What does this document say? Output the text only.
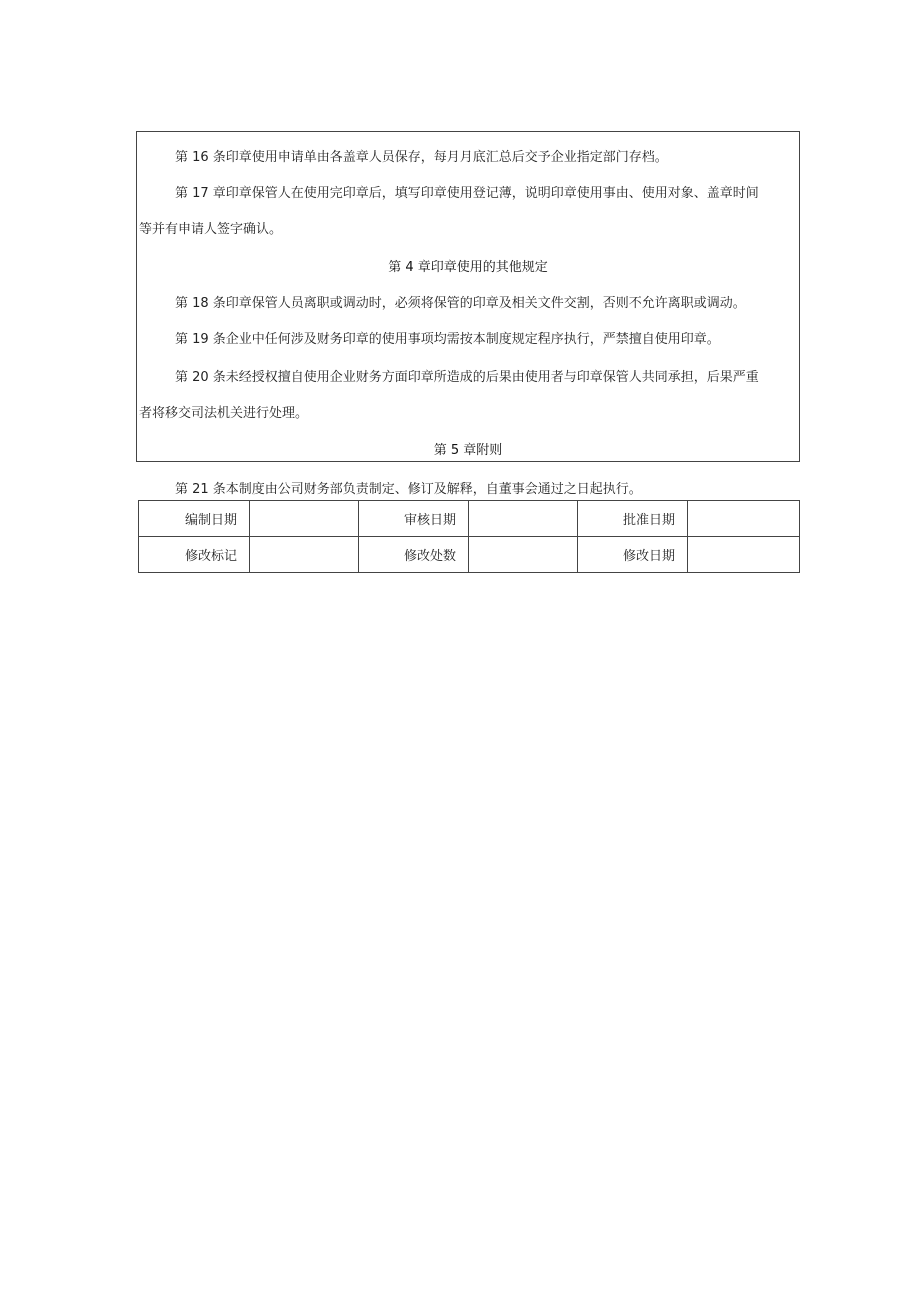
第 16 条印章使用申请单由各盖章人员保存，每月月底汇总后交予企业指定部门存档。
第 17 章印章保管人在使用完印章后，填写印章使用登记薄，说明印章使用事由、使用对象、盖章时间
等并有申请人签字确认。
第 4 章印章使用的其他规定
第 18 条印章保管人员离职或调动时，必须将保管的印章及相关文件交割，否则不允许离职或调动。
第 19 条企业中任何涉及财务印章的使用事项均需按本制度规定程序执行，严禁擅自使用印章。
第 20 条未经授权擅自使用企业财务方面印章所造成的后果由使用者与印章保管人共同承担，后果严重
者将移交司法机关进行处理。
第 5 章附则
第 21 条本制度由公司财务部负责制定、修订及解释，自董事会通过之日起执行。
编制日期		审核日期		批准日期	
修改标记		修改处数		修改日期	
